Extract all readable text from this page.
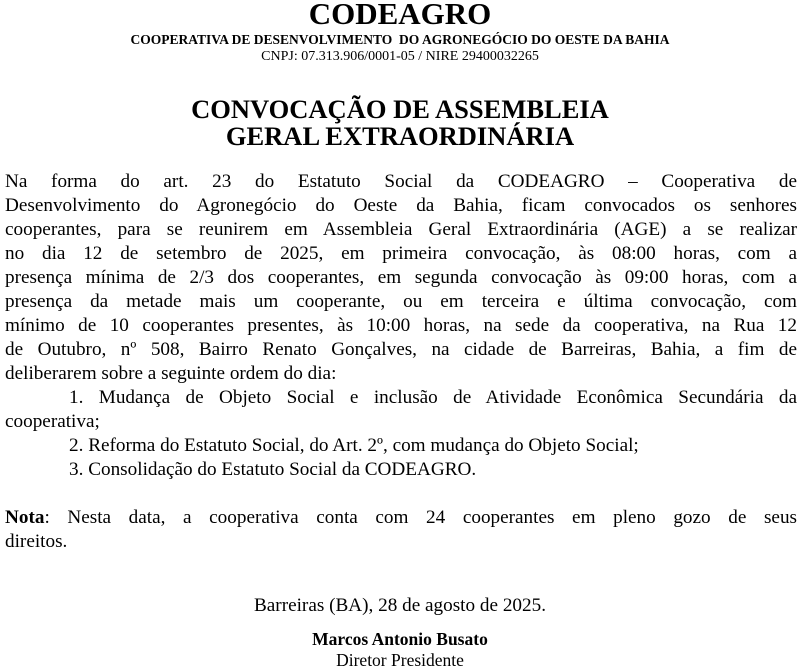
CODEAGRO
COOPERATIVA DE DESENVOLVIMENTO  DO AGRONEGÓCIO DO OESTE DA BAHIA
CNPJ: 07.313.906/0001-05 / NIRE 29400032265
CONVOCAÇÃO DE ASSEMBLEIA
GERAL EXTRAORDINÁRIA
Na forma do art. 23 do Estatuto Social da CODEAGRO – Cooperativa de
Desenvolvimento do Agronegócio do Oeste da Bahia, ficam convocados os senhores
cooperantes, para se reunirem em Assembleia Geral Extraordinária (AGE) a se realizar
no dia 12 de setembro de 2025, em primeira convocação, às 08:00 horas, com a
presença mínima de 2/3 dos cooperantes, em segunda convocação às 09:00 horas, com a
presença da metade mais um cooperante, ou em terceira e última convocação, com
mínimo de 10 cooperantes presentes, às 10:00 horas, na sede da cooperativa, na Rua 12
de Outubro, nº 508, Bairro Renato Gonçalves, na cidade de Barreiras, Bahia, a fim de
deliberarem sobre a seguinte ordem do dia:
1. Mudança de Objeto Social e inclusão de Atividade Econômica Secundária da
cooperativa;
2. Reforma do Estatuto Social, do Art. 2º, com mudança do Objeto Social;
3. Consolidação do Estatuto Social da CODEAGRO.
Nota: Nesta data, a cooperativa conta com 24 cooperantes em pleno gozo de seus
direitos.
Barreiras (BA), 28 de agosto de 2025.
Marcos Antonio Busato
Diretor Presidente
